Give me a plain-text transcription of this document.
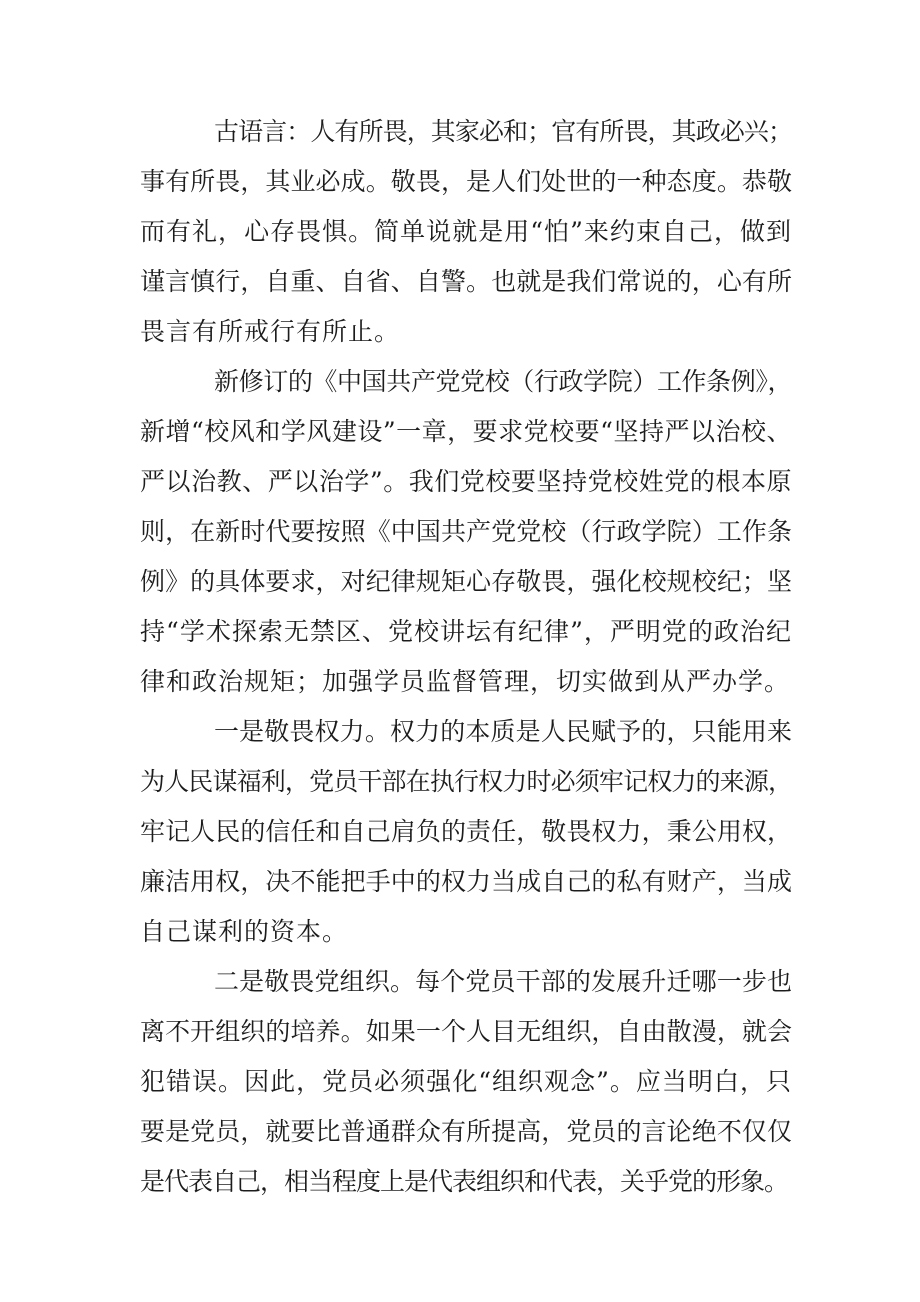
古语言：人有所畏，其家必和；官有所畏，其政必兴；
事有所畏，其业必成。敬畏，是人们处世的一种态度。恭敬
而有礼，心存畏惧。简单说就是用“怕”来约束自己，做到
谨言慎行，自重、自省、自警。也就是我们常说的，心有所
畏言有所戒行有所止。
新修订的《中国共产党党校（行政学院）工作条例》，
新增“校风和学风建设”一章，要求党校要“坚持严以治校、
严以治教、严以治学”。我们党校要坚持党校姓党的根本原
则，在新时代要按照《中国共产党党校（行政学院）工作条
例》的具体要求，对纪律规矩心存敬畏，强化校规校纪；坚
持“学术探索无禁区、党校讲坛有纪律”，严明党的政治纪
律和政治规矩；加强学员监督管理，切实做到从严办学。
一是敬畏权力。权力的本质是人民赋予的，只能用来
为人民谋福利，党员干部在执行权力时必须牢记权力的来源，
牢记人民的信任和自己肩负的责任，敬畏权力，秉公用权，
廉洁用权，决不能把手中的权力当成自己的私有财产，当成
自己谋利的资本。
二是敬畏党组织。每个党员干部的发展升迁哪一步也
离不开组织的培养。如果一个人目无组织，自由散漫，就会
犯错误。因此，党员必须强化“组织观念”。应当明白，只
要是党员，就要比普通群众有所提高，党员的言论绝不仅仅
是代表自己，相当程度上是代表组织和代表，关乎党的形象。
